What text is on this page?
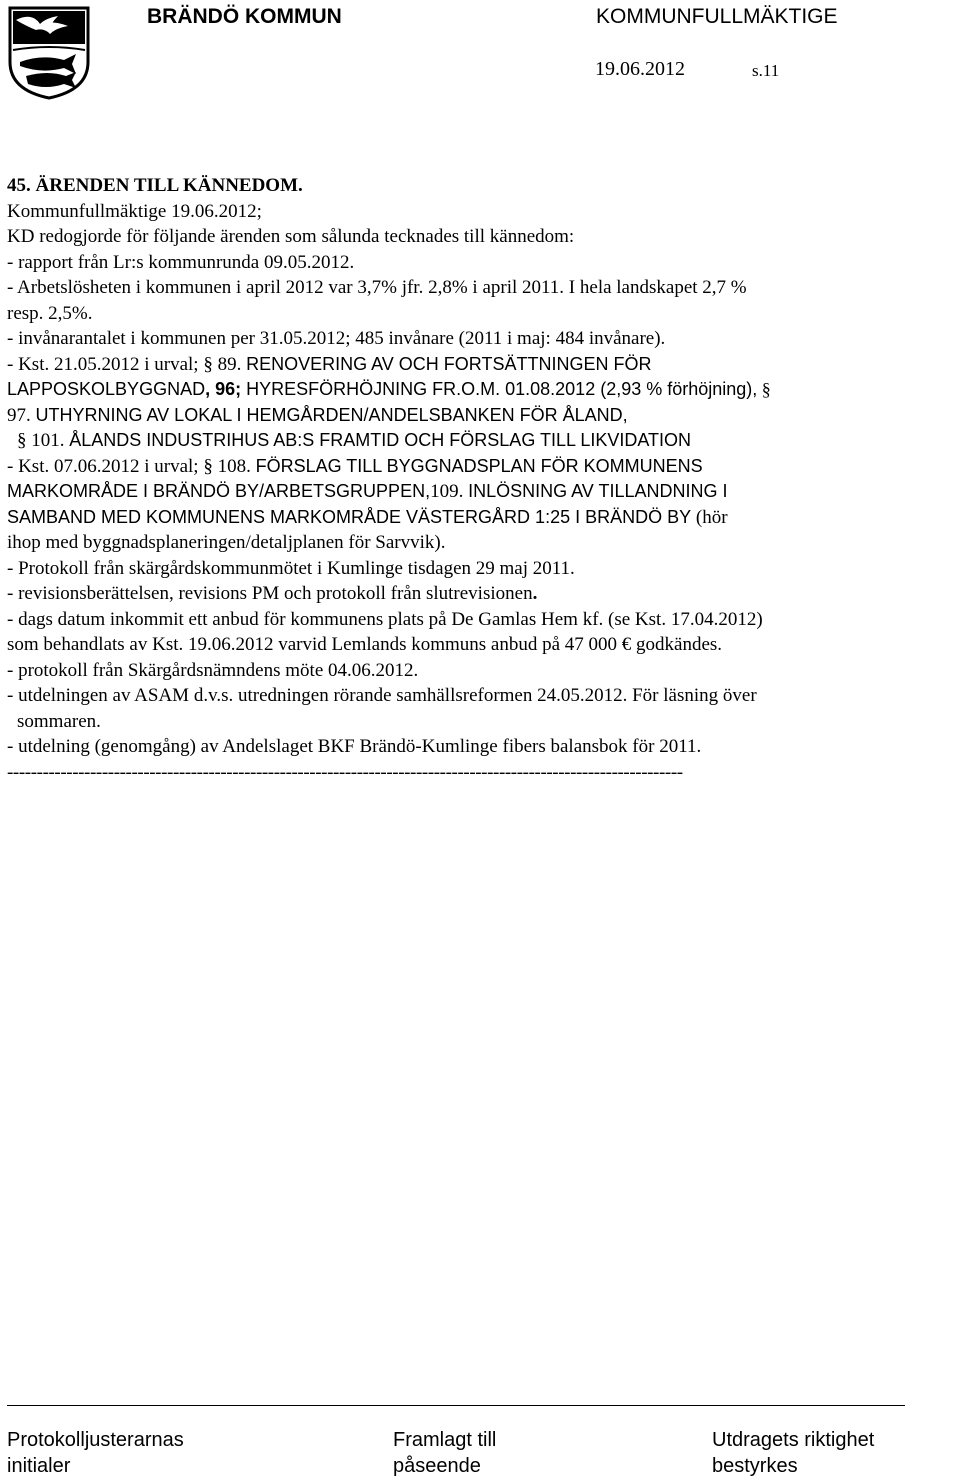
BRÄNDÖ KOMMUN	KOMMUNFULLMÄKTIGE
19.06.2012	s.11
45. ÄRENDEN TILL KÄNNEDOM.
Kommunfullmäktige 19.06.2012;
KD redogjorde för följande ärenden som sålunda tecknades till kännedom:
- rapport från Lr:s kommunrunda 09.05.2012.
- Arbetslösheten i kommunen i april 2012 var 3,7% jfr. 2,8% i april 2011. I hela landskapet 2,7 %
resp. 2,5%.
- invånarantalet i kommunen per 31.05.2012; 485 invånare (2011 i maj: 484 invånare).
- Kst. 21.05.2012 i urval; § 89. RENOVERING AV OCH FORTSÄTTNINGEN FÖR
LAPPOSKOLBYGGNAD, 96; HYRESFÖRHÖJNING FR.O.M. 01.08.2012 (2,93 % förhöjning), §
97. UTHYRNING AV LOKAL I HEMGÅRDEN/ANDELSBANKEN FÖR ÅLAND,
§ 101. ÅLANDS INDUSTRIHUS AB:S FRAMTID OCH FÖRSLAG TILL LIKVIDATION
- Kst. 07.06.2012 i urval; § 108. FÖRSLAG TILL BYGGNADSPLAN FÖR KOMMUNENS
MARKOMRÅDE I BRÄNDÖ BY/ARBETSGRUPPEN,109. INLÖSNING AV TILLANDNING I
SAMBAND MED KOMMUNENS MARKOMRÅDE VÄSTERGÅRD 1:25 I BRÄNDÖ BY (hör
ihop med byggnadsplaneringen/detaljplanen för Sarvvik).
- Protokoll från skärgårdskommunmötet i Kumlinge tisdagen 29 maj 2011.
- revisionsberättelsen, revisions PM och protokoll från slutrevisionen.
- dags datum inkommit ett anbud för kommunens plats på De Gamlas Hem kf. (se Kst. 17.04.2012)
som behandlats av Kst. 19.06.2012 varvid Lemlands kommuns anbud på 47 000 € godkändes.
- protokoll från Skärgårdsnämndens möte 04.06.2012.
- utdelningen av ASAM d.v.s. utredningen rörande samhällsreformen 24.05.2012. För läsning över
sommaren.
- utdelning (genomgång) av Andelslaget BKF Brändö-Kumlinge fibers balansbok för 2011.
------------------------------------------------------------------------------------------------------------------
Protokolljusterarnas
initialer
Framlagt till
påseende
Utdragets riktighet
bestyrkes
